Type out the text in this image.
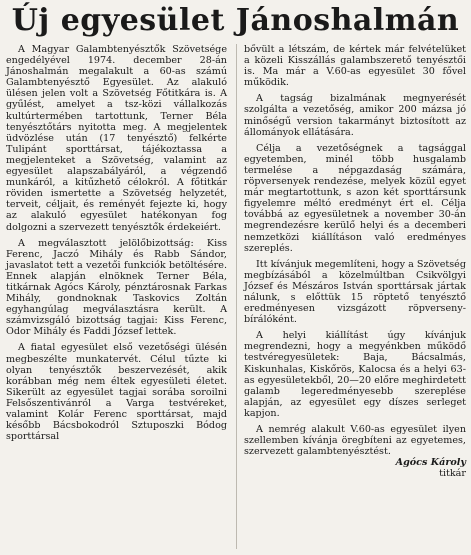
Új egyesület Jánoshalmán

A Magyar Galambtenyésztők Szövetsége engedélyével 1974. december 28-án Jánoshalmán megalakult a 60-as számú Galambtenyésztő Egyesület. Az alakuló ülésen jelen volt a Szövetség Főtitkára is. A gyűlést, amelyet a tsz-közi vállalkozás kultúrtermében tartottunk, Terner Béla tenyésztőtárs nyitotta meg. A megjelentek üdvözlése után (17 tenyésztő) felkérte Tulipánt sporttársat, tájékoztassa a megjelenteket a Szövetség, valamint az egyesület alapszabályáról, a végzendő munkáról, a kitűzhető célokról. A főtitkár röviden ismertette a Szövetség helyzetét, terveit, céljait, és reményét fejezte ki, hogy az alakuló egyesület hatékonyan fog dolgozni a szervezett tenyésztők érdekeiért.

A megválasztott jelölőbizottság: Kiss Ferenc, Jaczó Mihály és Rabb Sándor, javaslatot tett a vezetői funkciók betöltésére. Ennek alapján elnöknek Terner Béla, titkárnak Agócs Károly, pénztárosnak Farkas Mihály, gondnoknak Taskovics Zoltán egyhangúlag megválasztásra került. A számvizsgáló bizottság tagjai: Kiss Ferenc, Odor Mihály és Faddi József lettek.

A fiatal egyesület első vezetőségi ülésén megbeszélte munkatervét. Célul tűzte ki olyan tenyésztők beszervezését, akik korábban még nem éltek egyesületi életet. Sikerült az egyesület tagjai sorába soroilni Felsőszentivánról a Varga testvéreket, valamint Kolár Ferenc sporttársat, majd később Bácsbokodról Sztuposzki Bódog sporttársal

bővült a létszám, de kértek már felvételüket a közeli Kisszállás galambszerető tenyésztői is. Ma már a V.60-as egyesület 30 fővel működik.

A tagság bizalmának megnyerését szolgálta a vezetőség, amikor 200 mázsa jó minőségű version takarmányt biztosított az állományok ellátására.

Célja a vezetőségnek a tagsággal egyetemben, minél több husgalamb termelése a népgazdaság számára, röpversenyek rendezése, melyek közül egyet már megtartottunk, s azon két sporttársunk figyelemre méltó eredményt ért el. Célja továbbá az egyesületnek a november 30-án megrendezésre kerülő helyi és a decemberi nemzetközi kiállításon való eredményes szereplés.

Itt kívánjuk megemlíteni, hogy a Szövetség megbízásából a közelmúltban Csikvölgyi József és Mészáros István sporttársak jártak nálunk, s előttük 15 röptető tenyésztő eredményesen vizsgázott röpverseny-bírálóként.

A helyi kiállítást úgy kívánjuk megrendezni, hogy a megyénkben működő testvéregyesületek: Baja, Bácsalmás, Kiskunhalas, Kiskőrös, Kalocsa és a helyi 63-as egyesületekből, 20—20 előre meghirdetett galamb legeredményesebb szereplése alapján, az egyesület egy díszes serleget kapjon.

A nemrég alakult V.60-as egyesület ilyen szellemben kívánja öregbíteni az egyetemes, szervezett galambtenyésztést.

Agócs Károly
titkár
